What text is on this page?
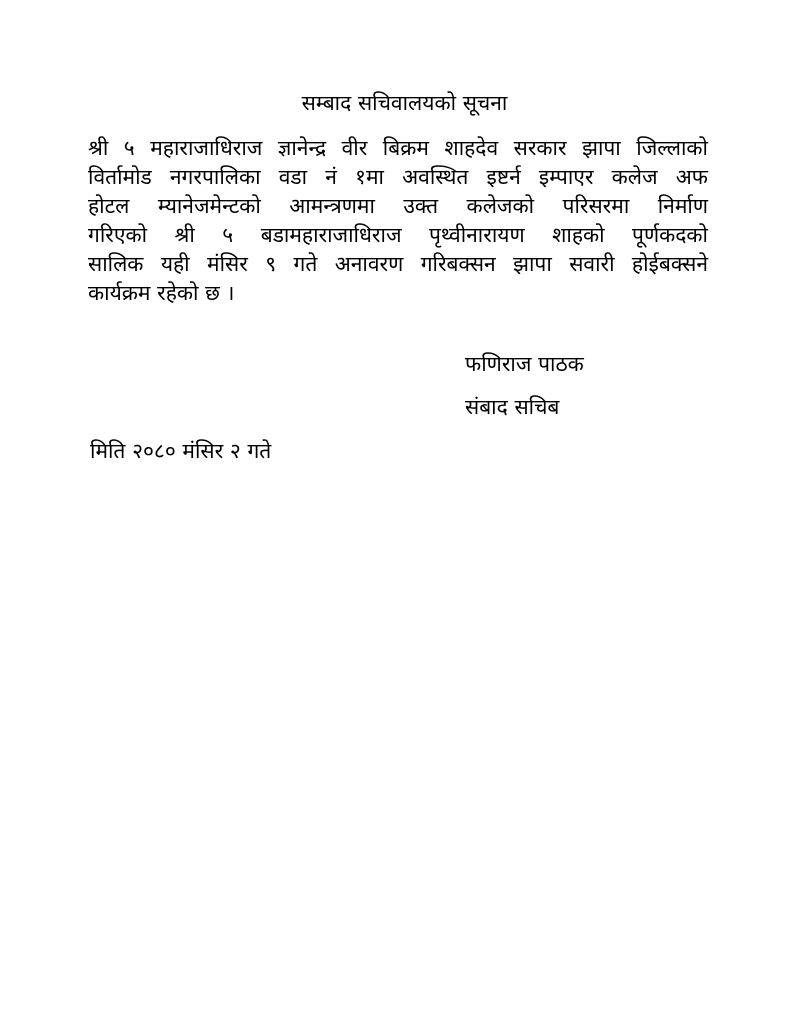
सम्बाद सचिवालयको सूचना
श्री ५ महाराजाधिराज ज्ञानेन्द्र वीर बिक्रम शाहदेव सरकार झापा जिल्लाको
विर्तामोड नगरपालिका वडा नं १मा अवस्थित इष्टर्न इम्पाएर कलेज अफ
होटल म्यानेजमेन्टको आमन्त्रणमा उक्त कलेजको परिसरमा निर्माण
गरिएको श्री ५ बडामहाराजाधिराज पृथ्वीनारायण शाहको पूर्णकदको
सालिक यही मंसिर ९ गते अनावरण गरिबक्सन झापा सवारी होईबक्सने
कार्यक्रम रहेको छ ।
फणिराज पाठक
संबाद सचिब
मिति २०८० मंसिर २ गते
